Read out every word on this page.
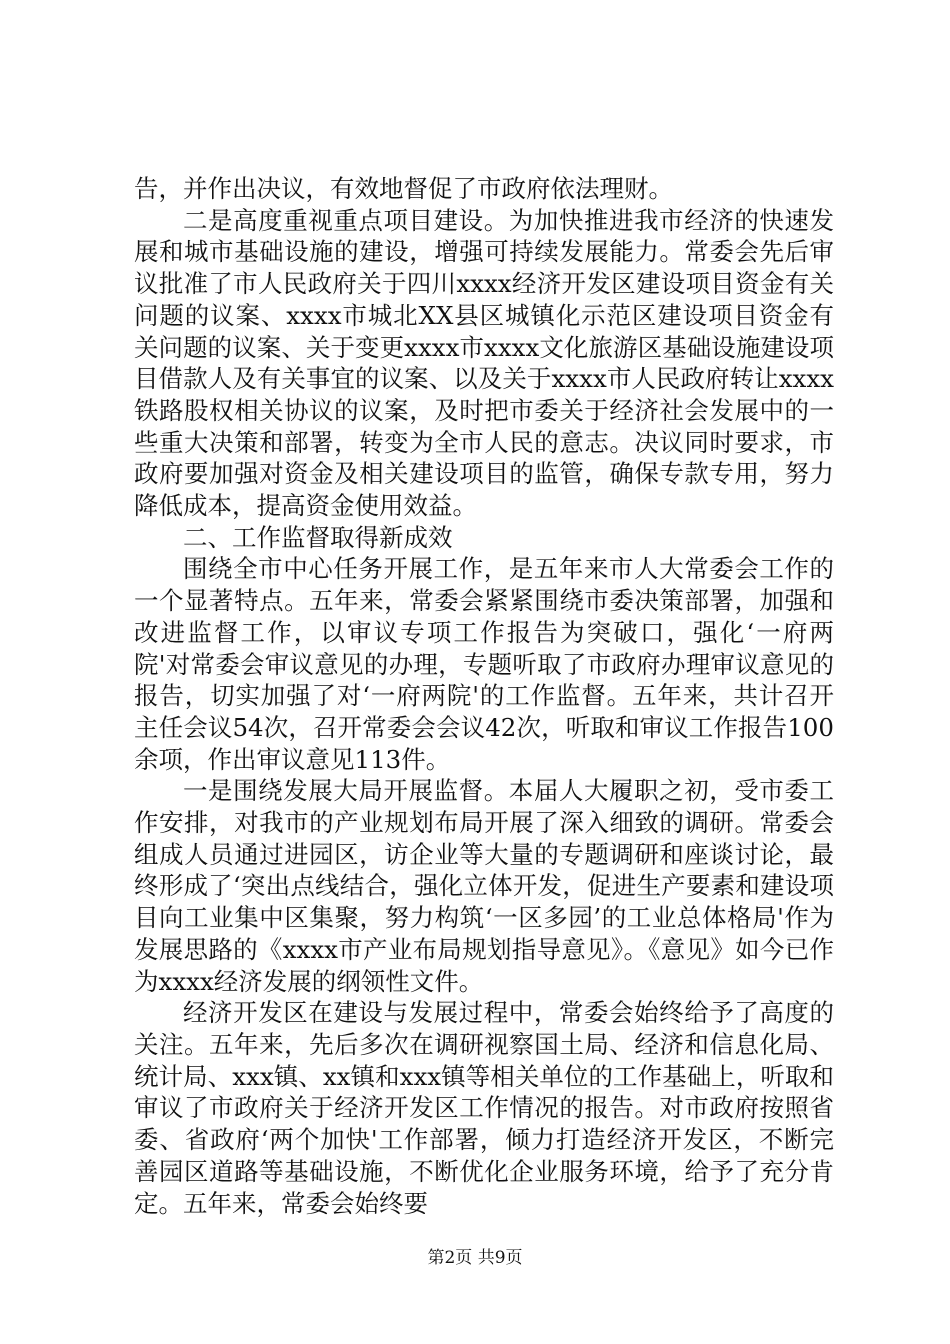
告，并作出决议，有效地督促了市政府依法理财。

二是高度重视重点项目建设。为加快推进我市经济的快速发展和城市基础设施的建设，增强可持续发展能力。常委会先后审议批准了市人民政府关于四川xxxx经济开发区建设项目资金有关问题的议案、xxxx市城北XX县区城镇化示范区建设项目资金有关问题的议案、关于变更xxxx市xxxx文化旅游区基础设施建设项目借款人及有关事宜的议案、以及关于xxxx市人民政府转让xxxx铁路股权相关协议的议案，及时把市委关于经济社会发展中的一些重大决策和部署，转变为全市人民的意志。决议同时要求，市政府要加强对资金及相关建设项目的监管，确保专款专用，努力降低成本，提高资金使用效益。

二、工作监督取得新成效

围绕全市中心任务开展工作，是五年来市人大常委会工作的一个显著特点。五年来，常委会紧紧围绕市委决策部署，加强和改进监督工作，以审议专项工作报告为突破口，强化‘一府两院'对常委会审议意见的办理，专题听取了市政府办理审议意见的报告，切实加强了对‘一府两院'的工作监督。五年来，共计召开主任会议54次，召开常委会会议42次，听取和审议工作报告100余项，作出审议意见113件。

一是围绕发展大局开展监督。本届人大履职之初，受市委工作安排，对我市的产业规划布局开展了深入细致的调研。常委会组成人员通过进园区，访企业等大量的专题调研和座谈讨论，最终形成了‘突出点线结合，强化立体开发，促进生产要素和建设项目向工业集中区集聚，努力构筑‘一区多园’的工业总体格局'作为发展思路的《xxxx市产业布局规划指导意见》。《意见》如今已作为xxxx经济发展的纲领性文件。

经济开发区在建设与发展过程中，常委会始终给予了高度的关注。五年来，先后多次在调研视察国土局、经济和信息化局、统计局、xxx镇、xx镇和xxx镇等相关单位的工作基础上，听取和审议了市政府关于经济开发区工作情况的报告。对市政府按照省委、省政府‘两个加快'工作部署，倾力打造经济开发区，不断完善园区道路等基础设施，不断优化企业服务环境，给予了充分肯定。五年来，常委会始终要

第2页 共9页
